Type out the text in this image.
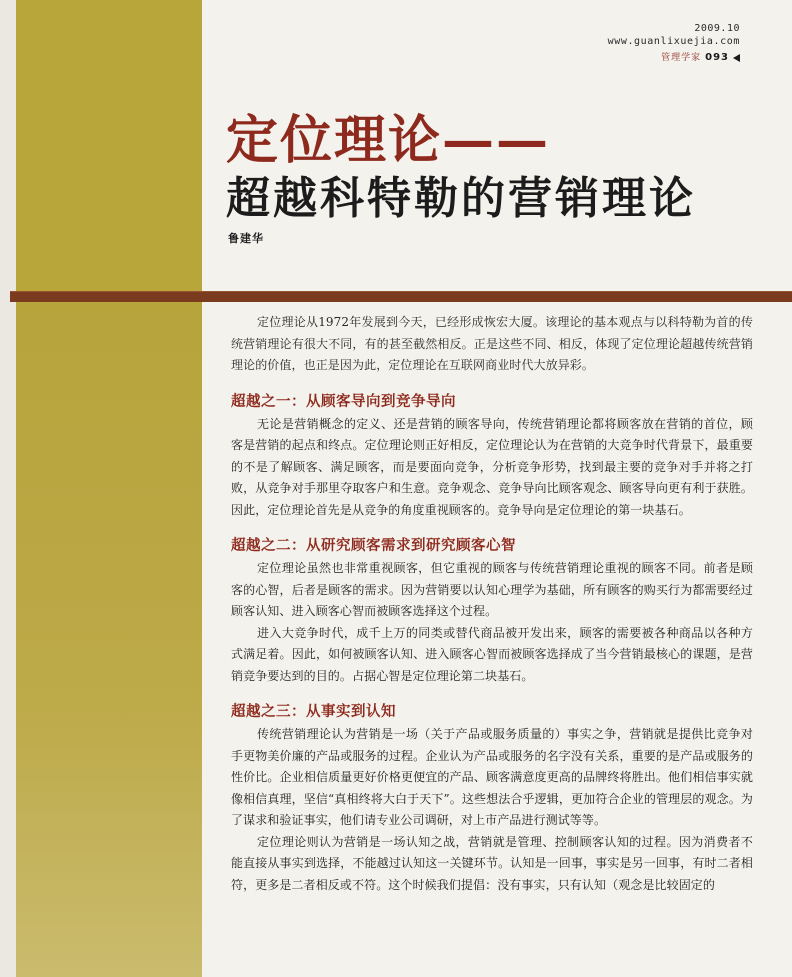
2009.10
www.guanlixuejia.com
管理学家 093
定位理论——
超越科特勒的营销理论
鲁建华

定位理论从1972年发展到今天，已经形成恢宏大厦。该理论的基本观点与以科特勒为首的传统营销理论有很大不同，有的甚至截然相反。正是这些不同、相反，体现了定位理论超越传统营销理论的价值，也正是因为此，定位理论在互联网商业时代大放异彩。

超越之一：从顾客导向到竞争导向

无论是营销概念的定义、还是营销的顾客导向，传统营销理论都将顾客放在营销的首位，顾客是营销的起点和终点。定位理论则正好相反，定位理论认为在营销的大竞争时代背景下，最重要的不是了解顾客、满足顾客，而是要面向竞争，分析竞争形势，找到最主要的竞争对手并将之打败，从竞争对手那里夺取客户和生意。竞争观念、竞争导向比顾客观念、顾客导向更有利于获胜。因此，定位理论首先是从竞争的角度重视顾客的。竞争导向是定位理论的第一块基石。

超越之二：从研究顾客需求到研究顾客心智

定位理论虽然也非常重视顾客，但它重视的顾客与传统营销理论重视的顾客不同。前者是顾客的心智，后者是顾客的需求。因为营销要以认知心理学为基础，所有顾客的购买行为都需要经过顾客认知、进入顾客心智而被顾客选择这个过程。

进入大竞争时代，成千上万的同类或替代商品被开发出来，顾客的需要被各种商品以各种方式满足着。因此，如何被顾客认知、进入顾客心智而被顾客选择成了当今营销最核心的课题，是营销竞争要达到的目的。占据心智是定位理论第二块基石。

超越之三：从事实到认知

传统营销理论认为营销是一场（关于产品或服务质量的）事实之争，营销就是提供比竞争对手更物美价廉的产品或服务的过程。企业认为产品或服务的名字没有关系，重要的是产品或服务的性价比。企业相信质量更好价格更便宜的产品、顾客满意度更高的品牌终将胜出。他们相信事实就像相信真理，坚信“真相终将大白于天下”。这些想法合乎逻辑，更加符合企业的管理层的观念。为了谋求和验证事实，他们请专业公司调研，对上市产品进行测试等等。

定位理论则认为营销是一场认知之战，营销就是管理、控制顾客认知的过程。因为消费者不能直接从事实到选择，不能越过认知这一关键环节。认知是一回事，事实是另一回事，有时二者相符，更多是二者相反或不符。这个时候我们提倡：没有事实，只有认知（观念是比较固定的
